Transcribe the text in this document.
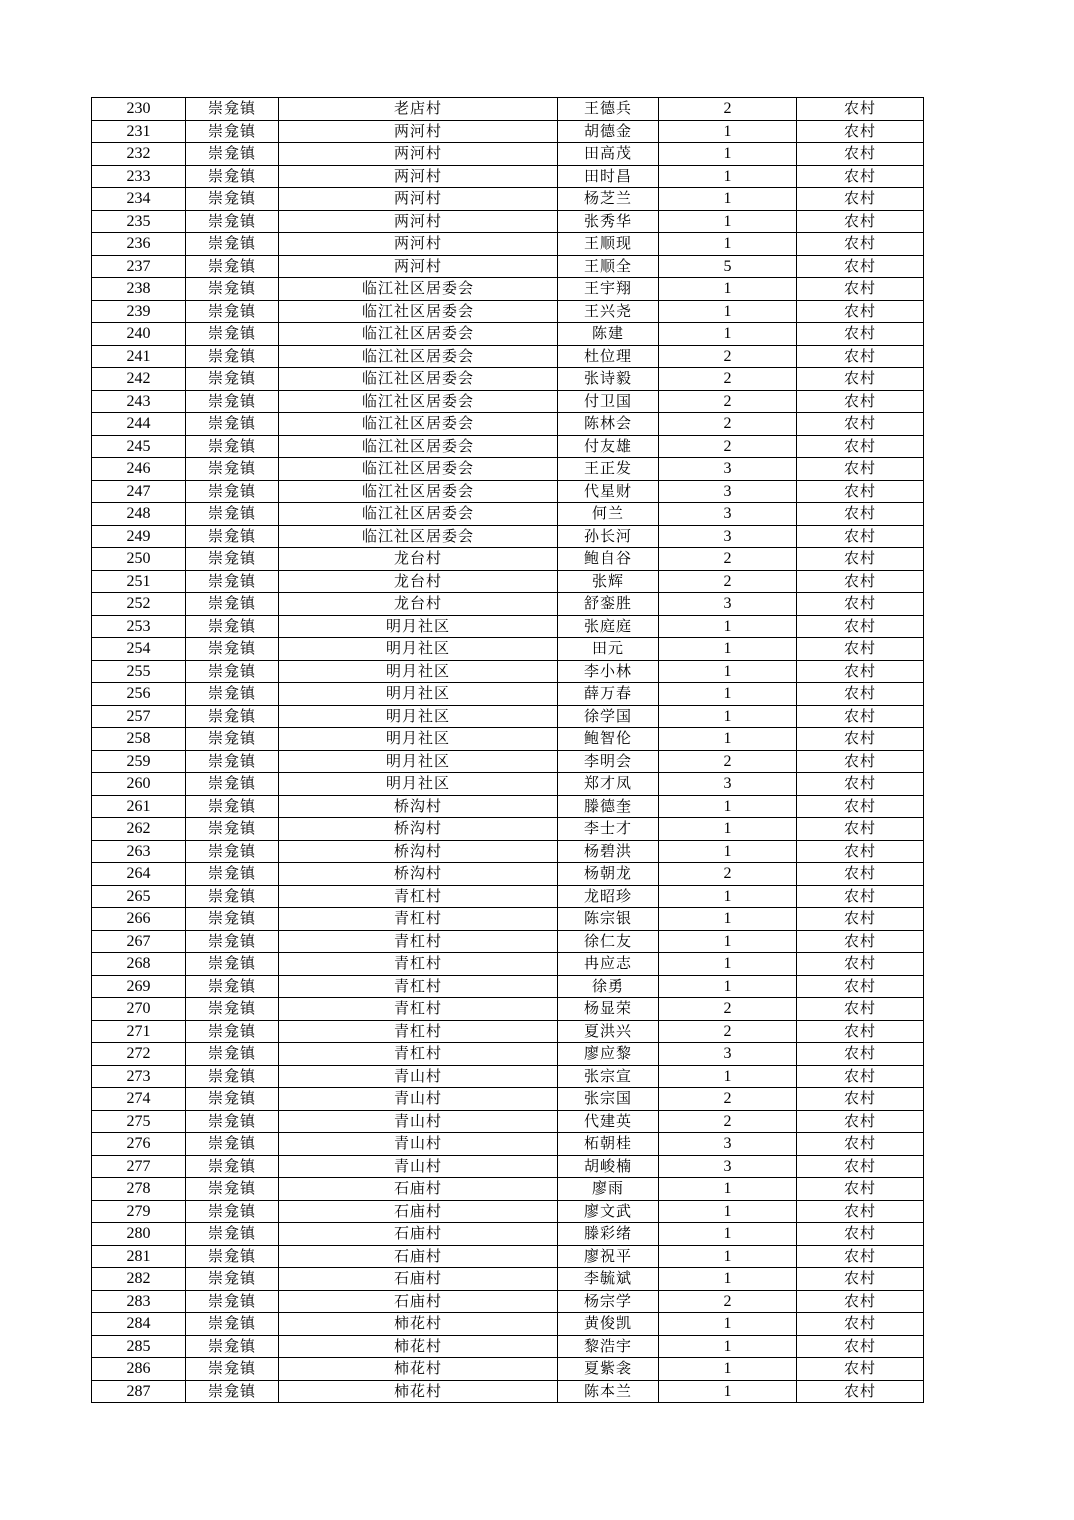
230	崇龛镇	老店村	王德兵	2	农村
231	崇龛镇	两河村	胡德金	1	农村
232	崇龛镇	两河村	田高茂	1	农村
233	崇龛镇	两河村	田时昌	1	农村
234	崇龛镇	两河村	杨芝兰	1	农村
235	崇龛镇	两河村	张秀华	1	农村
236	崇龛镇	两河村	王顺现	1	农村
237	崇龛镇	两河村	王顺全	5	农村
238	崇龛镇	临江社区居委会	王宇翔	1	农村
239	崇龛镇	临江社区居委会	王兴尧	1	农村
240	崇龛镇	临江社区居委会	陈建	1	农村
241	崇龛镇	临江社区居委会	杜位理	2	农村
242	崇龛镇	临江社区居委会	张诗毅	2	农村
243	崇龛镇	临江社区居委会	付卫国	2	农村
244	崇龛镇	临江社区居委会	陈林会	2	农村
245	崇龛镇	临江社区居委会	付友雄	2	农村
246	崇龛镇	临江社区居委会	王正发	3	农村
247	崇龛镇	临江社区居委会	代星财	3	农村
248	崇龛镇	临江社区居委会	何兰	3	农村
249	崇龛镇	临江社区居委会	孙长河	3	农村
250	崇龛镇	龙台村	鲍自谷	2	农村
251	崇龛镇	龙台村	张辉	2	农村
252	崇龛镇	龙台村	舒銮胜	3	农村
253	崇龛镇	明月社区	张庭庭	1	农村
254	崇龛镇	明月社区	田元	1	农村
255	崇龛镇	明月社区	李小林	1	农村
256	崇龛镇	明月社区	薛万春	1	农村
257	崇龛镇	明月社区	徐学国	1	农村
258	崇龛镇	明月社区	鲍智伦	1	农村
259	崇龛镇	明月社区	李明会	2	农村
260	崇龛镇	明月社区	郑才凤	3	农村
261	崇龛镇	桥沟村	滕德奎	1	农村
262	崇龛镇	桥沟村	李士才	1	农村
263	崇龛镇	桥沟村	杨碧洪	1	农村
264	崇龛镇	桥沟村	杨朝龙	2	农村
265	崇龛镇	青杠村	龙昭珍	1	农村
266	崇龛镇	青杠村	陈宗银	1	农村
267	崇龛镇	青杠村	徐仁友	1	农村
268	崇龛镇	青杠村	冉应志	1	农村
269	崇龛镇	青杠村	徐勇	1	农村
270	崇龛镇	青杠村	杨显荣	2	农村
271	崇龛镇	青杠村	夏洪兴	2	农村
272	崇龛镇	青杠村	廖应黎	3	农村
273	崇龛镇	青山村	张宗宣	1	农村
274	崇龛镇	青山村	张宗国	2	农村
275	崇龛镇	青山村	代建英	2	农村
276	崇龛镇	青山村	柘朝桂	3	农村
277	崇龛镇	青山村	胡峻楠	3	农村
278	崇龛镇	石庙村	廖雨	1	农村
279	崇龛镇	石庙村	廖文武	1	农村
280	崇龛镇	石庙村	滕彩绪	1	农村
281	崇龛镇	石庙村	廖祝平	1	农村
282	崇龛镇	石庙村	李毓斌	1	农村
283	崇龛镇	石庙村	杨宗学	2	农村
284	崇龛镇	柿花村	黄俊凯	1	农村
285	崇龛镇	柿花村	黎浩宇	1	农村
286	崇龛镇	柿花村	夏紫衾	1	农村
287	崇龛镇	柿花村	陈本兰	1	农村
